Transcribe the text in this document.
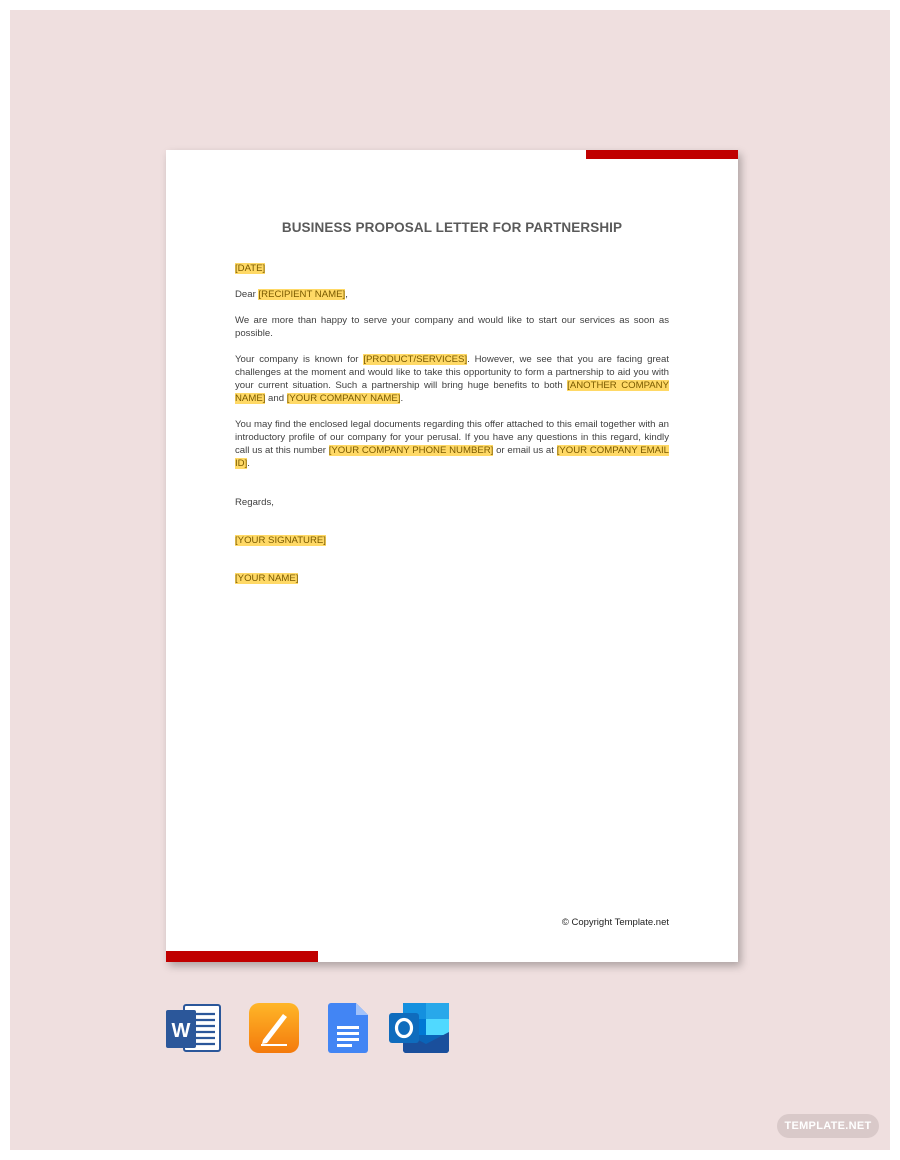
BUSINESS PROPOSAL LETTER FOR PARTNERSHIP

[DATE]

Dear [RECIPIENT NAME],

We are more than happy to serve your company and would like to start our services as soon as possible.

Your company is known for [PRODUCT/SERVICES]. However, we see that you are facing great challenges at the moment and would like to take this opportunity to form a partnership to aid you with your current situation. Such a partnership will bring huge benefits to both [ANOTHER COMPANY NAME] and [YOUR COMPANY NAME].

You may find the enclosed legal documents regarding this offer attached to this email together with an introductory profile of our company for your perusal. If you have any questions in this regard, kindly call us at this number [YOUR COMPANY PHONE NUMBER] or email us at [YOUR COMPANY EMAIL ID].

Regards,

[YOUR SIGNATURE]

[YOUR NAME]

© Copyright Template.net
W
TEMPLATE.NET
